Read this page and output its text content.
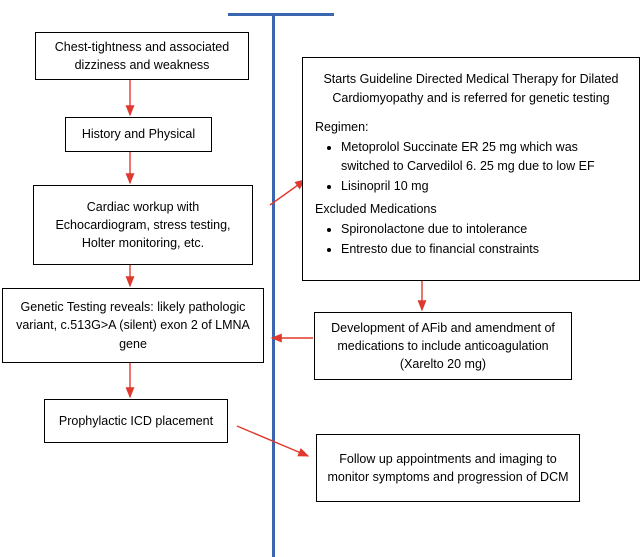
Chest-tightness and associated dizziness and weakness
History and Physical
Cardiac workup with Echocardiogram, stress testing, Holter monitoring, etc.
Genetic Testing reveals: likely pathologic variant, c.513G>A (silent) exon 2 of LMNA gene
Prophylactic ICD placement
Starts Guideline Directed Medical Therapy for Dilated Cardiomyopathy and is referred for genetic testing
Regimen:
• Metoprolol Succinate ER 25 mg which was switched to Carvedilol 6. 25 mg due to low EF
• Lisinopril 10 mg
Excluded Medications
• Spironolactone due to intolerance
• Entresto due to financial constraints
Development of AFib and amendment of medications to include anticoagulation (Xarelto 20 mg)
Follow up appointments and imaging to monitor symptoms and progression of DCM
